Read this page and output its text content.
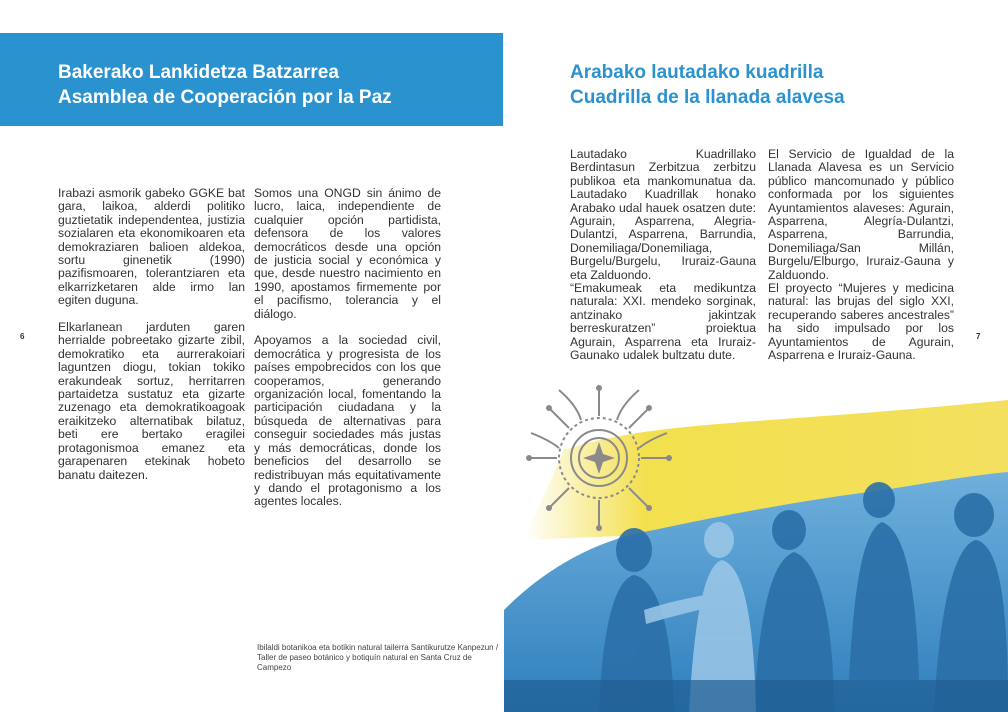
Bakerako Lankidetza Batzarrea
Asamblea de Cooperación por la Paz

Irabazi asmorik gabeko GGKE bat gara, laikoa, alderdi politiko guztietatik independentea, justizia sozialaren eta ekonomikoaren eta demokraziaren balioen aldekoa, sortu ginenetik (1990) pazifismoaren, tolerantziaren eta elkarrizketaren alde irmo lan egiten duguna.

Elkarlanean jarduten garen herrialde pobreetako gizarte zibil, demokratiko eta aurrerakoiari laguntzen diogu, tokian tokiko erakundeak sortuz, herritarren partaidetza sustatuz eta gizarte zuzenago eta demokratikoagoak eraikitzeko alternatibak bilatuz, beti ere bertako eragilei protagonismoa emanez eta garapenaren etekinak hobeto banatu daitezen.

Somos una ONGD sin ánimo de lucro, laica, independiente de cualquier opción partidista, defensora de los valores democráticos desde una opción de justicia social y económica y que, desde nuestro nacimiento en 1990, apostamos firmemente por el pacifismo, tolerancia y el diálogo.

Apoyamos a la sociedad civil, democrática y progresista de los países empobrecidos con los que cooperamos, generando organización local, fomentando la participación ciudadana y la búsqueda de alternativas para conseguir sociedades más justas y más democráticas, donde los beneficios del desarrollo se redistribuyan más equitativamente y dando el protagonismo a los agentes locales.

6
Ibilaldi botanikoa eta botikin natural tailerra Santikurutze Kanpezun / Taller de paseo botánico y botiquín natural en Santa Cruz de Campezo
Arabako lautadako kuadrilla
Cuadrilla de la llanada alavesa

Lautadako Kuadrillako Berdintasun Zerbitzua zerbitzu publikoa eta mankomunatua da. Lautadako Kuadrillak honako Arabako udal hauek osatzen dute: Agurain, Asparrena, Alegria-Dulantzi, Asparrena, Barrundia, Donemiliaga/Donemiliaga, Burgelu/Burgelu, Iruraiz-Gauna eta Zalduondo.

“Emakumeak eta medikuntza naturala: XXI. mendeko sorginak, antzinako jakintzak berreskuratzen” proiektua Agurain, Asparrena eta Iruraiz-Gaunako udalek bultzatu dute.

El Servicio de Igualdad de la Llanada Alavesa es un Servicio público mancomunado y público conformada por los siguientes Ayuntamientos alaveses: Agurain, Asparrena, Alegría-Dulantzi, Asparrena, Barrundia, Donemiliaga/San Millán, Burgelu/Elburgo, Iruraiz-Gauna y Zalduondo.

El proyecto “Mujeres y medicina natural: las brujas del siglo XXI, recuperando saberes ancestrales” ha sido impulsado por los Ayuntamientos de Agurain, Asparrena e Iruraiz-Gauna.

7
